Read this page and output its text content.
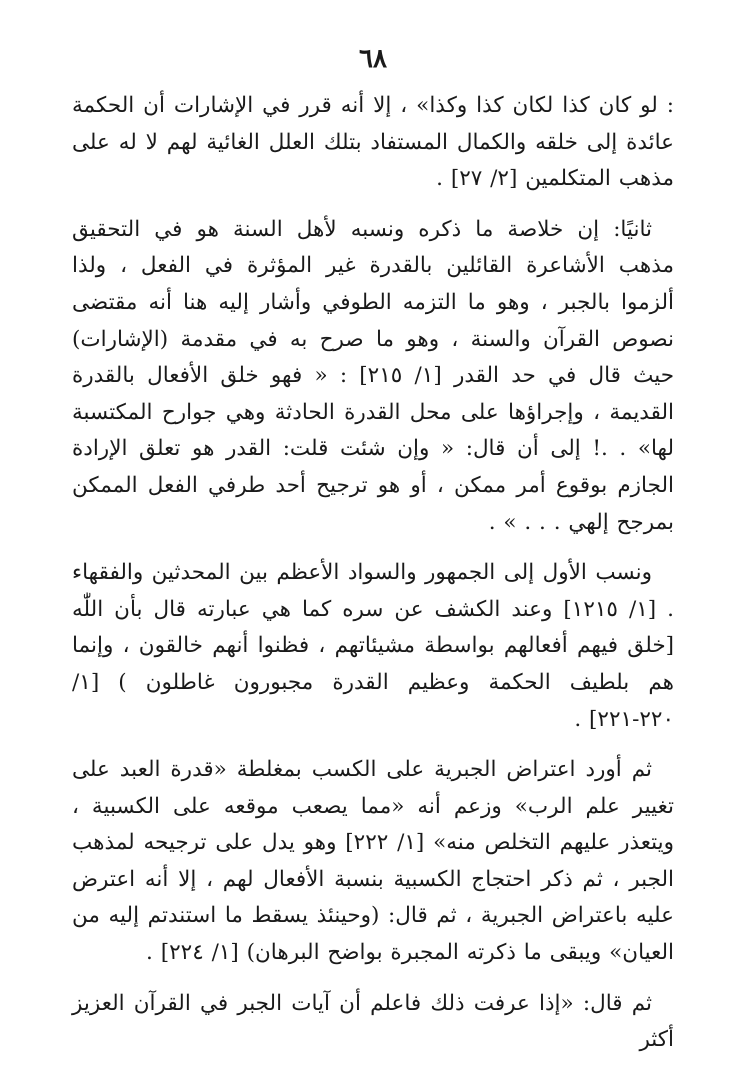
٦٨

: لو كان كذا لكان كذا وكذا» ، إلا أنه قرر في الإشارات أن الحكمة عائدة إلى خلقه والكمال المستفاد بتلك العلل الغائية لهم لا له على مذهب المتكلمين [٢/ ٢٧] .

ثانيًا: إن خلاصة ما ذكره ونسبه لأهل السنة هو في التحقيق مذهب الأشاعرة القائلين بالقدرة غير المؤثرة في الفعل ، ولذا ألزموا بالجبر ، وهو ما التزمه الطوفي وأشار إليه هنا أنه مقتضى نصوص القرآن والسنة ، وهو ما صرح به في مقدمة (الإشارات) حيث قال في حد القدر [١/ ٢١٥] : « فهو خلق الأفعال بالقدرة القديمة ، وإجراؤها على محل القدرة الحادثة وهي جوارح المكتسبة لها» . .! إلى أن قال: « وإن شئت قلت: القدر هو تعلق الإرادة الجازم بوقوع أمر ممكن ، أو هو ترجيح أحد طرفي الفعل الممكن بمرجح إلهي . . . » .

ونسب الأول إلى الجمهور والسواد الأعظم بين المحدثين والفقهاء . [١/ ١٢١٥] وعند الكشف عن سره كما هي عبارته قال بأن اللّٰه [خلق فيهم أفعالهم بواسطة مشيئاتهم ، فظنوا أنهم خالقون ، وإنما هم بلطيف الحكمة وعظيم القدرة مجبورون غاطلون ) [١/ ٢٢٠-٢٢١] .

ثم أورد اعتراض الجبرية على الكسب بمغلطة «قدرة العبد على تغيير علم الرب» وزعم أنه «مما يصعب موقعه على الكسبية ، ويتعذر عليهم التخلص منه» [١/ ٢٢٢] وهو يدل على ترجيحه لمذهب الجبر ، ثم ذكر احتجاج الكسبية بنسبة الأفعال لهم ، إلا أنه اعترض عليه باعتراض الجبرية ، ثم قال: (وحينئذ يسقط ما استندتم إليه من العيان» ويبقى ما ذكرته المجبرة بواضح البرهان) [١/ ٢٢٤] .

ثم قال: «إذا عرفت ذلك فاعلم أن آيات الجبر في القرآن العزيز أكثر
